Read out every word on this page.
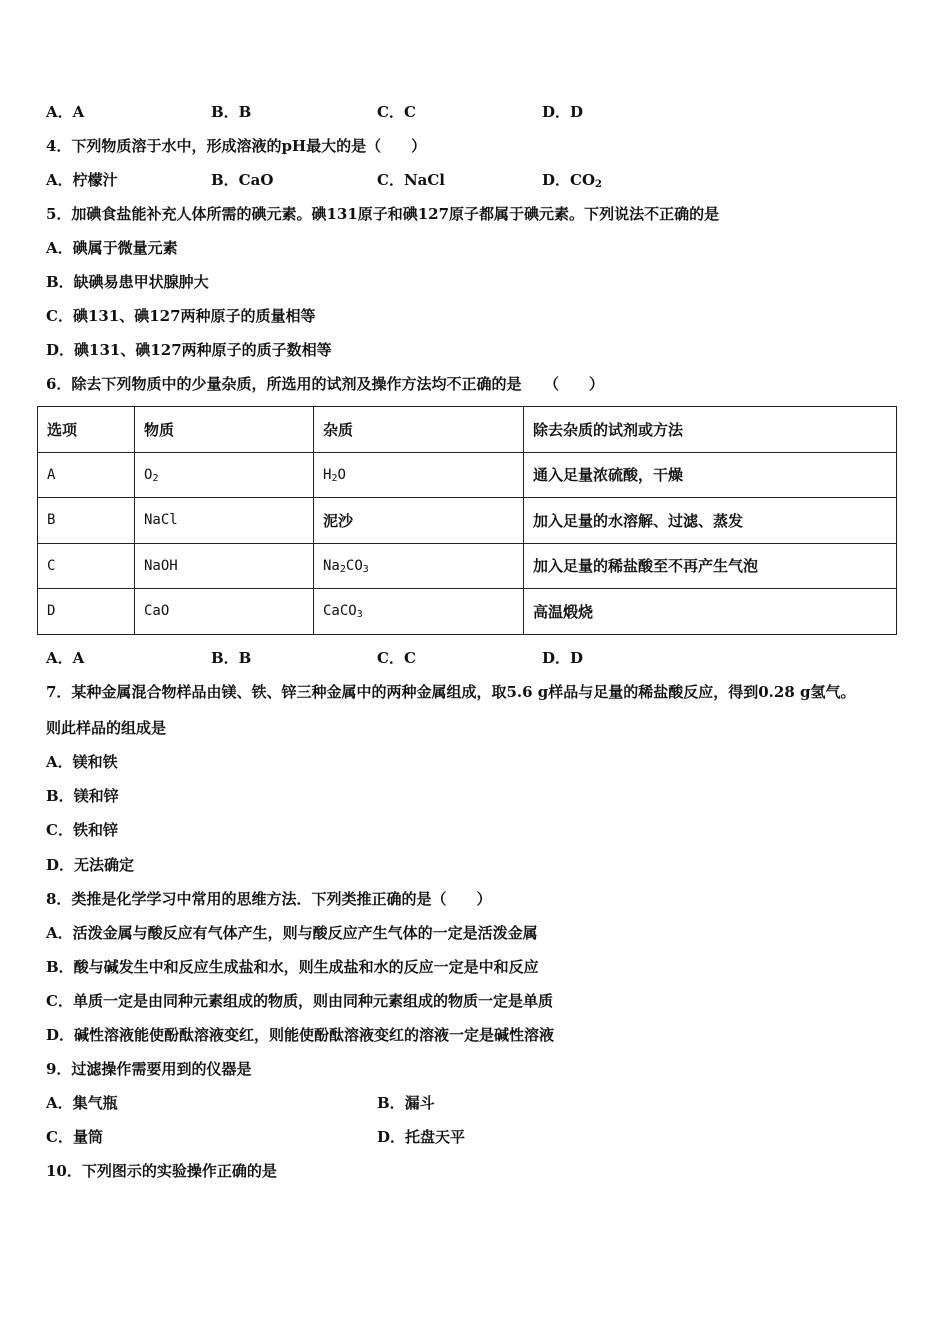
A．A	B．B	C．C	D．D
4．下列物质溶于水中，形成溶液的pH最大的是（　　）
A．柠檬汁	B．CaO	C．NaCl	D．$CO_2$
5．加碘食盐能补充人体所需的碘元素。碘131原子和碘127原子都属于碘元素。下列说法不正确的是
A．碘属于微量元素
B．缺碘易患甲状腺肿大
C．碘131、碘127两种原子的质量相等
D．碘131、碘127两种原子的质子数相等
6．除去下列物质中的少量杂质，所选用的试剂及操作方法均不正确的是　　（　　）
选项	物质	杂质	除去杂质的试剂或方法
A	$O_2$	$H_2O$	通入足量浓硫酸，干燥
B	NaCl	泥沙	加入足量的水溶解、过滤、蒸发
C	NaOH	$Na_2CO_3$	加入足量的稀盐酸至不再产生气泡
D	CaO	CaCO$_3$	高温煅烧
A．A	B．B	C．C	D．D
7．某种金属混合物样品由镁、铁、锌三种金属中的两种金属组成，取5.6 g样品与足量的稀盐酸反应，得到0.28 g氢气。
则此样品的组成是
A．镁和铁
B．镁和锌
C．铁和锌
D．无法确定
8．类推是化学学习中常用的思维方法．下列类推正确的是（　　）
A．活泼金属与酸反应有气体产生，则与酸反应产生气体的一定是活泼金属
B．酸与碱发生中和反应生成盐和水，则生成盐和水的反应一定是中和反应
C．单质一定是由同种元素组成的物质，则由同种元素组成的物质一定是单质
D．碱性溶液能使酚酞溶液变红，则能使酚酞溶液变红的溶液一定是碱性溶液
9．过滤操作需要用到的仪器是
A．集气瓶	B．漏斗
C．量筒	D．托盘天平
10．下列图示的实验操作正确的是
